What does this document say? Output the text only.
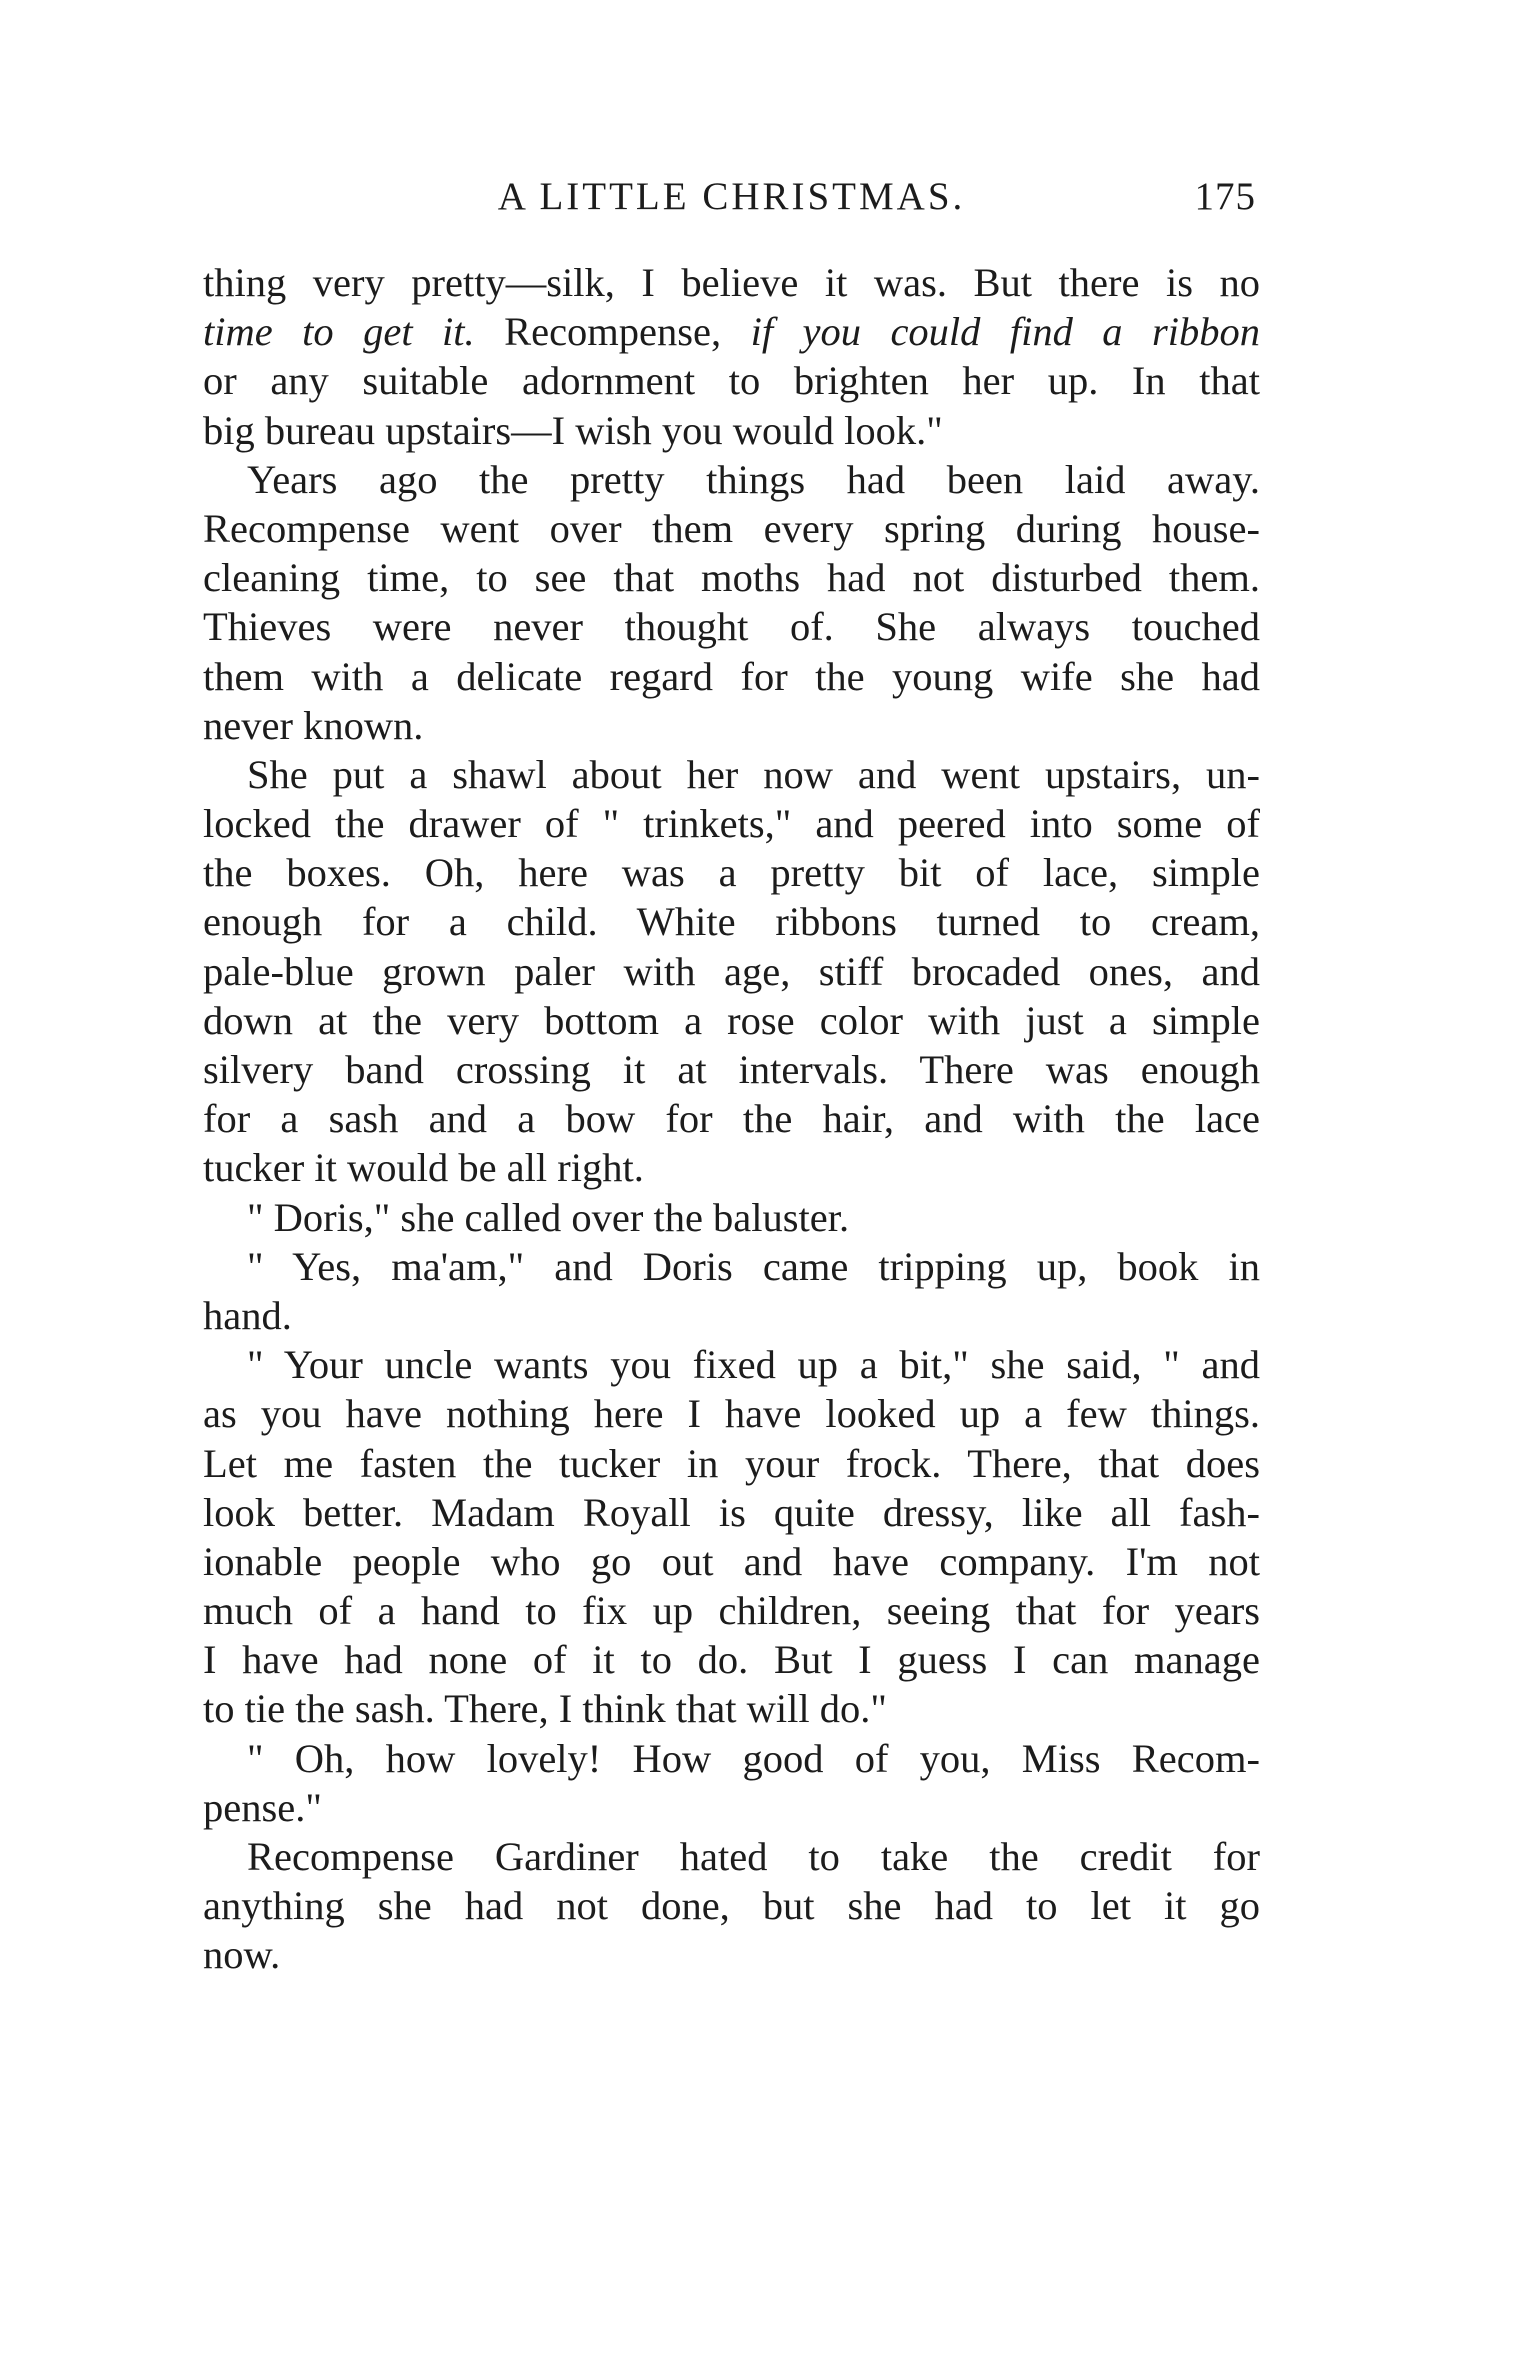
A LITTLE CHRISTMAS.	175
thing very pretty—silk, I believe it was. But there is no
time to get it. Recompense, if you could find a ribbon
or any suitable adornment to brighten her up. In that
big bureau upstairs—I wish you would look."
Years ago the pretty things had been laid away.
Recompense went over them every spring during house-
cleaning time, to see that moths had not disturbed them.
Thieves were never thought of. She always touched
them with a delicate regard for the young wife she had
never known.
She put a shawl about her now and went upstairs, un-
locked the drawer of " trinkets," and peered into some of
the boxes. Oh, here was a pretty bit of lace, simple
enough for a child. White ribbons turned to cream,
pale-blue grown paler with age, stiff brocaded ones, and
down at the very bottom a rose color with just a simple
silvery band crossing it at intervals. There was enough
for a sash and a bow for the hair, and with the lace
tucker it would be all right.
" Doris," she called over the baluster.
" Yes, ma'am," and Doris came tripping up, book in
hand.
" Your uncle wants you fixed up a bit," she said, " and
as you have nothing here I have looked up a few things.
Let me fasten the tucker in your frock. There, that does
look better. Madam Royall is quite dressy, like all fash-
ionable people who go out and have company. I'm not
much of a hand to fix up children, seeing that for years
I have had none of it to do. But I guess I can manage
to tie the sash. There, I think that will do."
" Oh, how lovely! How good of you, Miss Recom-
pense."
Recompense Gardiner hated to take the credit for
anything she had not done, but she had to let it go
now.
